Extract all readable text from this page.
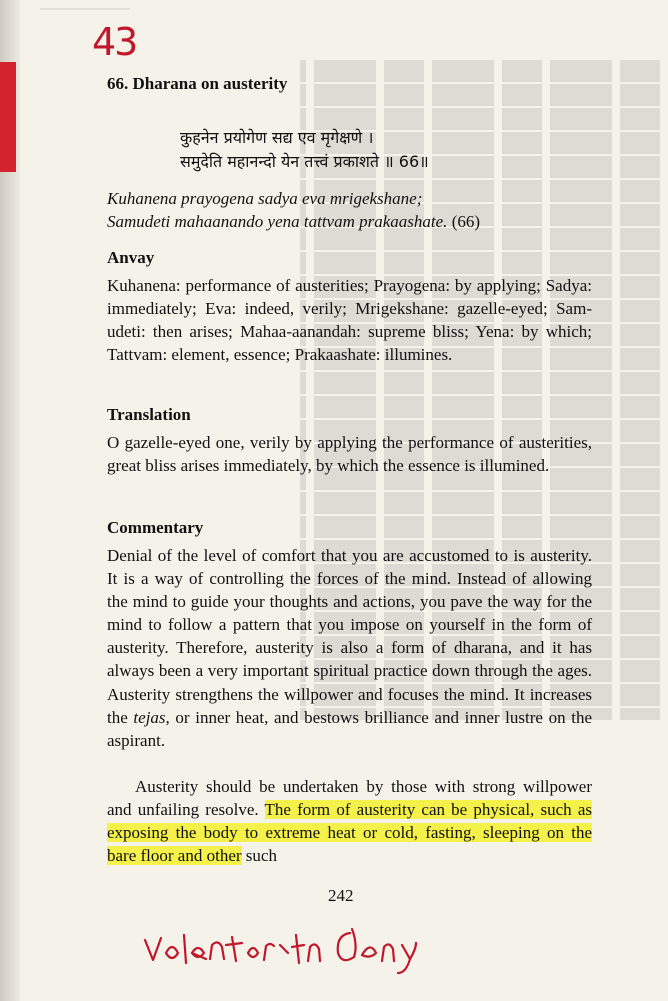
43
66. Dharana on austerity
कुहनेन प्रयोगेण सद्य एव मृगेक्षणे ।
समुदेति महानन्दो येन तत्त्वं प्रकाशते ॥ 66॥
Kuhanena prayogena sadya eva mrigekshane;
Samudeti mahaanando yena tattvam prakaashate. (66)
Anvay
Kuhanena: performance of austerities; Prayogena: by applying; Sadya: immediately; Eva: indeed, verily; Mrigekshane: gazelle-eyed; Sam-udeti: then arises; Mahaa-aanandah: supreme bliss; Yena: by which; Tattvam: element, essence; Prakaashate: illumines.
Translation
O gazelle-eyed one, verily by applying the performance of austerities, great bliss arises immediately, by which the essence is illumined.
Commentary
Denial of the level of comfort that you are accustomed to is austerity. It is a way of controlling the forces of the mind. Instead of allowing the mind to guide your thoughts and actions, you pave the way for the mind to follow a pattern that you impose on yourself in the form of austerity. Therefore, austerity is also a form of dharana, and it has always been a very important spiritual practice down through the ages. Austerity strengthens the willpower and focuses the mind. It increases the tejas, or inner heat, and bestows brilliance and inner lustre on the aspirant.
Austerity should be undertaken by those with strong willpower and unfailing resolve. The form of austerity can be physical, such as exposing the body to extreme heat or cold, fasting, sleeping on the bare floor and other such
242
